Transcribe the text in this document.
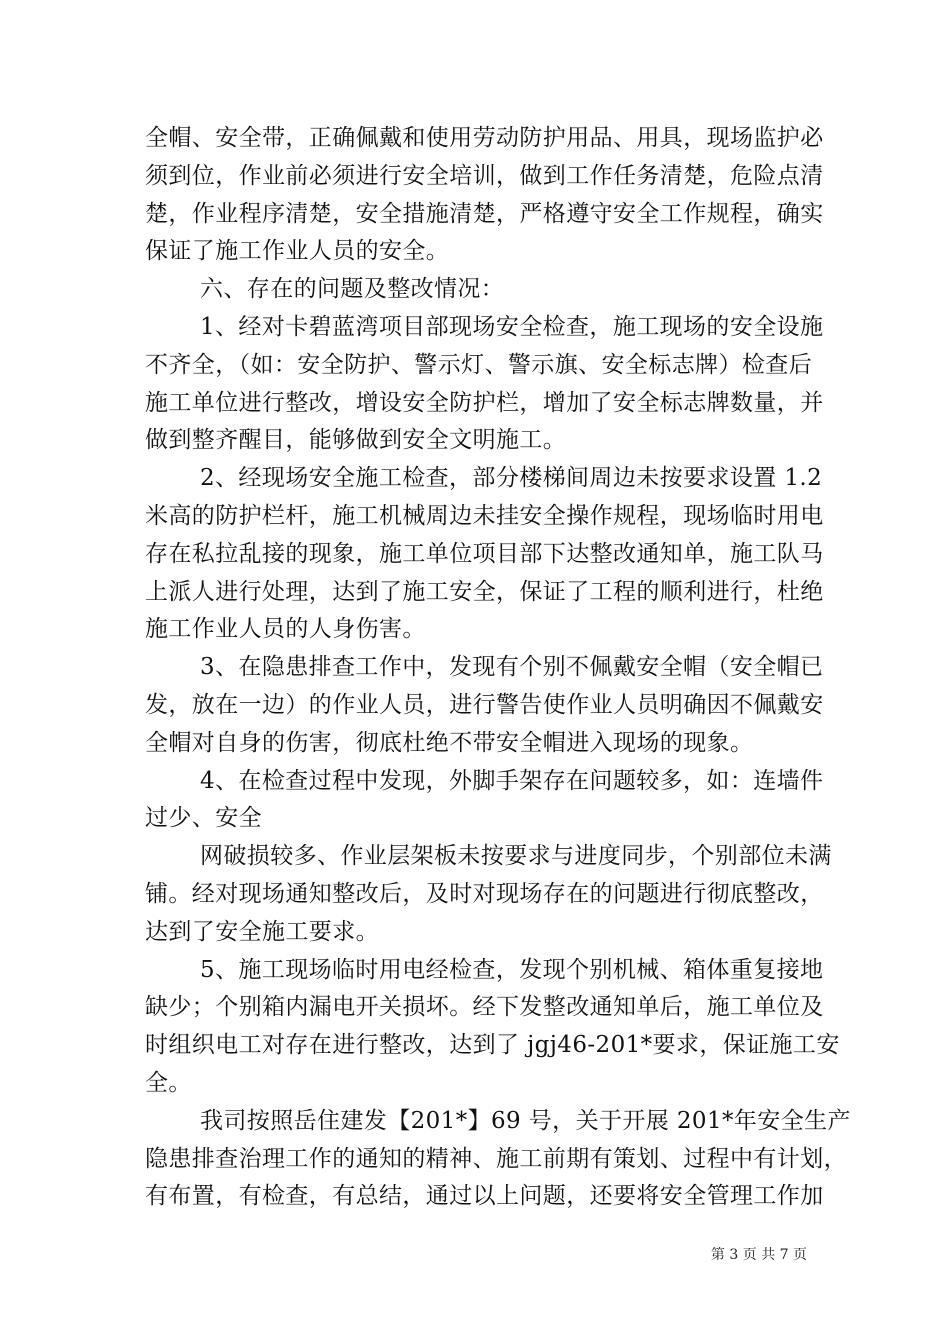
全帽、安全带，正确佩戴和使用劳动防护用品、用具，现场监护必
须到位，作业前必须进行安全培训，做到工作任务清楚，危险点清
楚，作业程序清楚，安全措施清楚，严格遵守安全工作规程，确实
保证了施工作业人员的安全。
六、存在的问题及整改情况：
1、经对卡碧蓝湾项目部现场安全检查，施工现场的安全设施
不齐全，（如：安全防护、警示灯、警示旗、安全标志牌）检查后
施工单位进行整改，增设安全防护栏，增加了安全标志牌数量，并
做到整齐醒目，能够做到安全文明施工。
2、经现场安全施工检查，部分楼梯间周边未按要求设置 1.2
米高的防护栏杆，施工机械周边未挂安全操作规程，现场临时用电
存在私拉乱接的现象，施工单位项目部下达整改通知单，施工队马
上派人进行处理，达到了施工安全，保证了工程的顺利进行，杜绝
施工作业人员的人身伤害。
3、在隐患排查工作中，发现有个别不佩戴安全帽（安全帽已
发，放在一边）的作业人员，进行警告使作业人员明确因不佩戴安
全帽对自身的伤害，彻底杜绝不带安全帽进入现场的现象。
4、在检查过程中发现，外脚手架存在问题较多，如：连墙件
过少、安全
网破损较多、作业层架板未按要求与进度同步，个别部位未满
铺。经对现场通知整改后，及时对现场存在的问题进行彻底整改，
达到了安全施工要求。
5、施工现场临时用电经检查，发现个别机械、箱体重复接地
缺少；个别箱内漏电开关损坏。经下发整改通知单后，施工单位及
时组织电工对存在进行整改，达到了 jgj46-201*要求，保证施工安
全。
我司按照岳住建发【201*】69 号，关于开展 201*年安全生产
隐患排查治理工作的通知的精神、施工前期有策划、过程中有计划，
有布置，有检查，有总结，通过以上问题，还要将安全管理工作加
第 3 页 共 7 页
